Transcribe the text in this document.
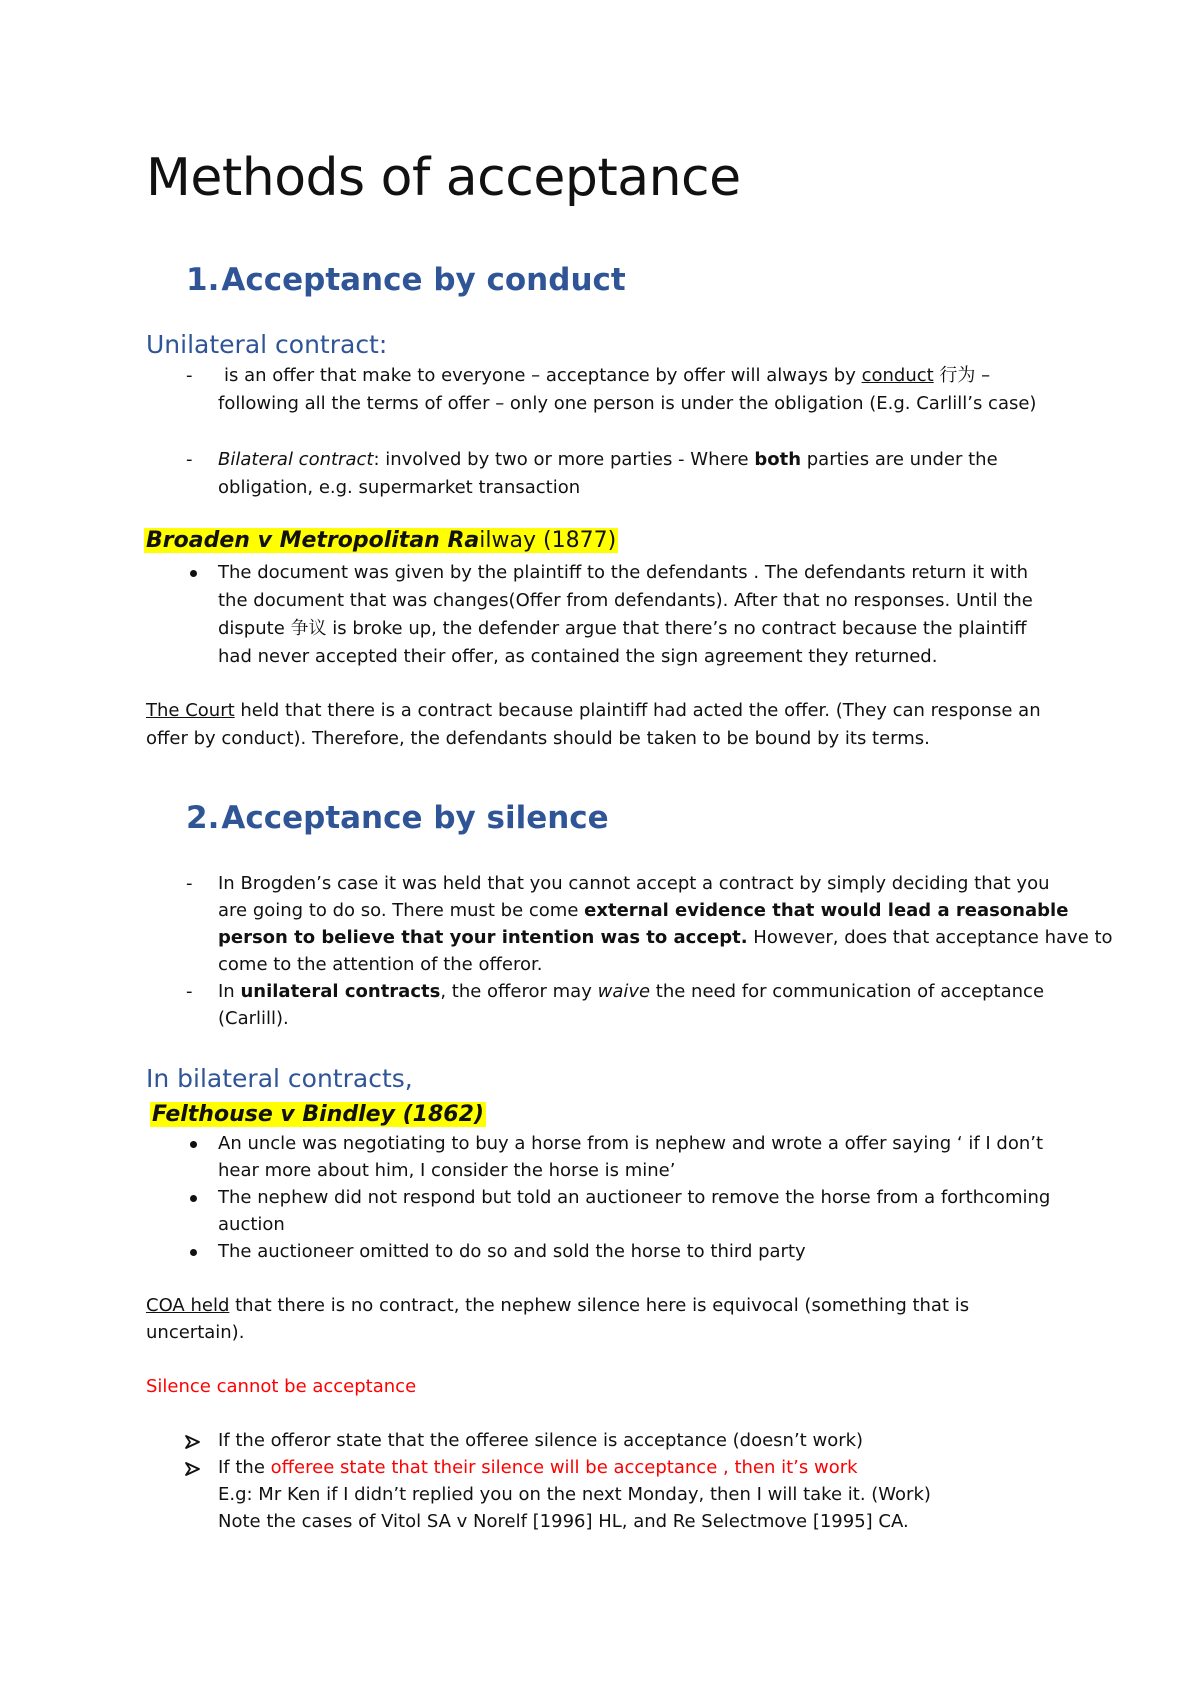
Methods of acceptance
1.Acceptance by conduct
Unilateral contract:
- is an offer that make to everyone – acceptance by offer will always by conduct 行为 –
following all the terms of offer – only one person is under the obligation (E.g. Carlill’s case)
- Bilateral contract: involved by two or more parties - Where both parties are under the
obligation, e.g. supermarket transaction
Broaden v Metropolitan Railway (1877)
The document was given by the plaintiff to the defendants . The defendants return it with
the document that was changes(Offer from defendants). After that no responses. Until the
dispute 争议 is broke up, the defender argue that there’s no contract because the plaintiff
had never accepted their offer, as contained the sign agreement they returned.
The Court held that there is a contract because plaintiff had acted the offer. (They can response an
offer by conduct). Therefore, the defendants should be taken to be bound by its terms.
2.Acceptance by silence
- In Brogden’s case it was held that you cannot accept a contract by simply deciding that you
are going to do so. There must be come external evidence that would lead a reasonable
person to believe that your intention was to accept. However, does that acceptance have to
come to the attention of the offeror.
- In unilateral contracts, the offeror may waive the need for communication of acceptance
(Carlill).
In bilateral contracts,
Felthouse v Bindley (1862)
An uncle was negotiating to buy a horse from is nephew and wrote a offer saying ‘ if I don’t
hear more about him, I consider the horse is mine’
The nephew did not respond but told an auctioneer to remove the horse from a forthcoming
auction
The auctioneer omitted to do so and sold the horse to third party
COA held that there is no contract, the nephew silence here is equivocal (something that is
uncertain).
Silence cannot be acceptance
If the offeror state that the offeree silence is acceptance (doesn’t work)
If the offeree state that their silence will be acceptance , then it’s work
E.g: Mr Ken if I didn’t replied you on the next Monday, then I will take it. (Work)
Note the cases of Vitol SA v Norelf [1996] HL, and Re Selectmove [1995] CA.
